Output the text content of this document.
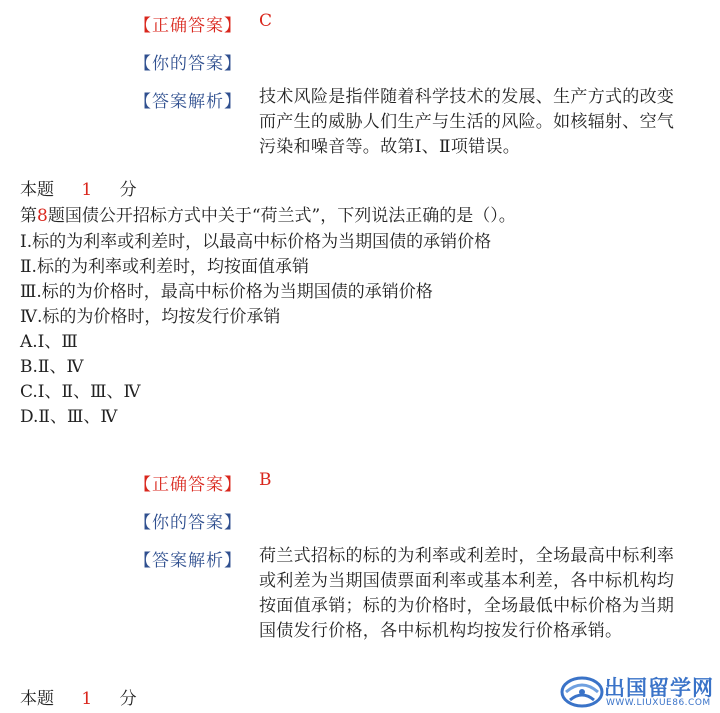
【正确答案】 C
【你的答案】
【答案解析】 技术风险是指伴随着科学技术的发展、生产方式的改变而产生的威胁人们生产与生活的风险。如核辐射、空气污染和噪音等。故第Ⅰ、Ⅱ项错误。
本题 1 分
第8题国债公开招标方式中关于“荷兰式”，下列说法正确的是（）。
Ⅰ.标的为利率或利差时，以最高中标价格为当期国债的承销价格
Ⅱ.标的为利率或利差时，均按面值承销
Ⅲ.标的为价格时，最高中标价格为当期国债的承销价格
Ⅳ.标的为价格时，均按发行价承销
A.Ⅰ、Ⅲ
B.Ⅱ、Ⅳ
C.Ⅰ、Ⅱ、Ⅲ、Ⅳ
D.Ⅱ、Ⅲ、Ⅳ
【正确答案】 B
【你的答案】
【答案解析】 荷兰式招标的标的为利率或利差时，全场最高中标利率或利差为当期国债票面利率或基本利差，各中标机构均按面值承销；标的为价格时，全场最低中标价格为当期国债发行价格，各中标机构均按发行价格承销。
本题 1 分	出国留学网
WWW.LIUXUE86.COM
